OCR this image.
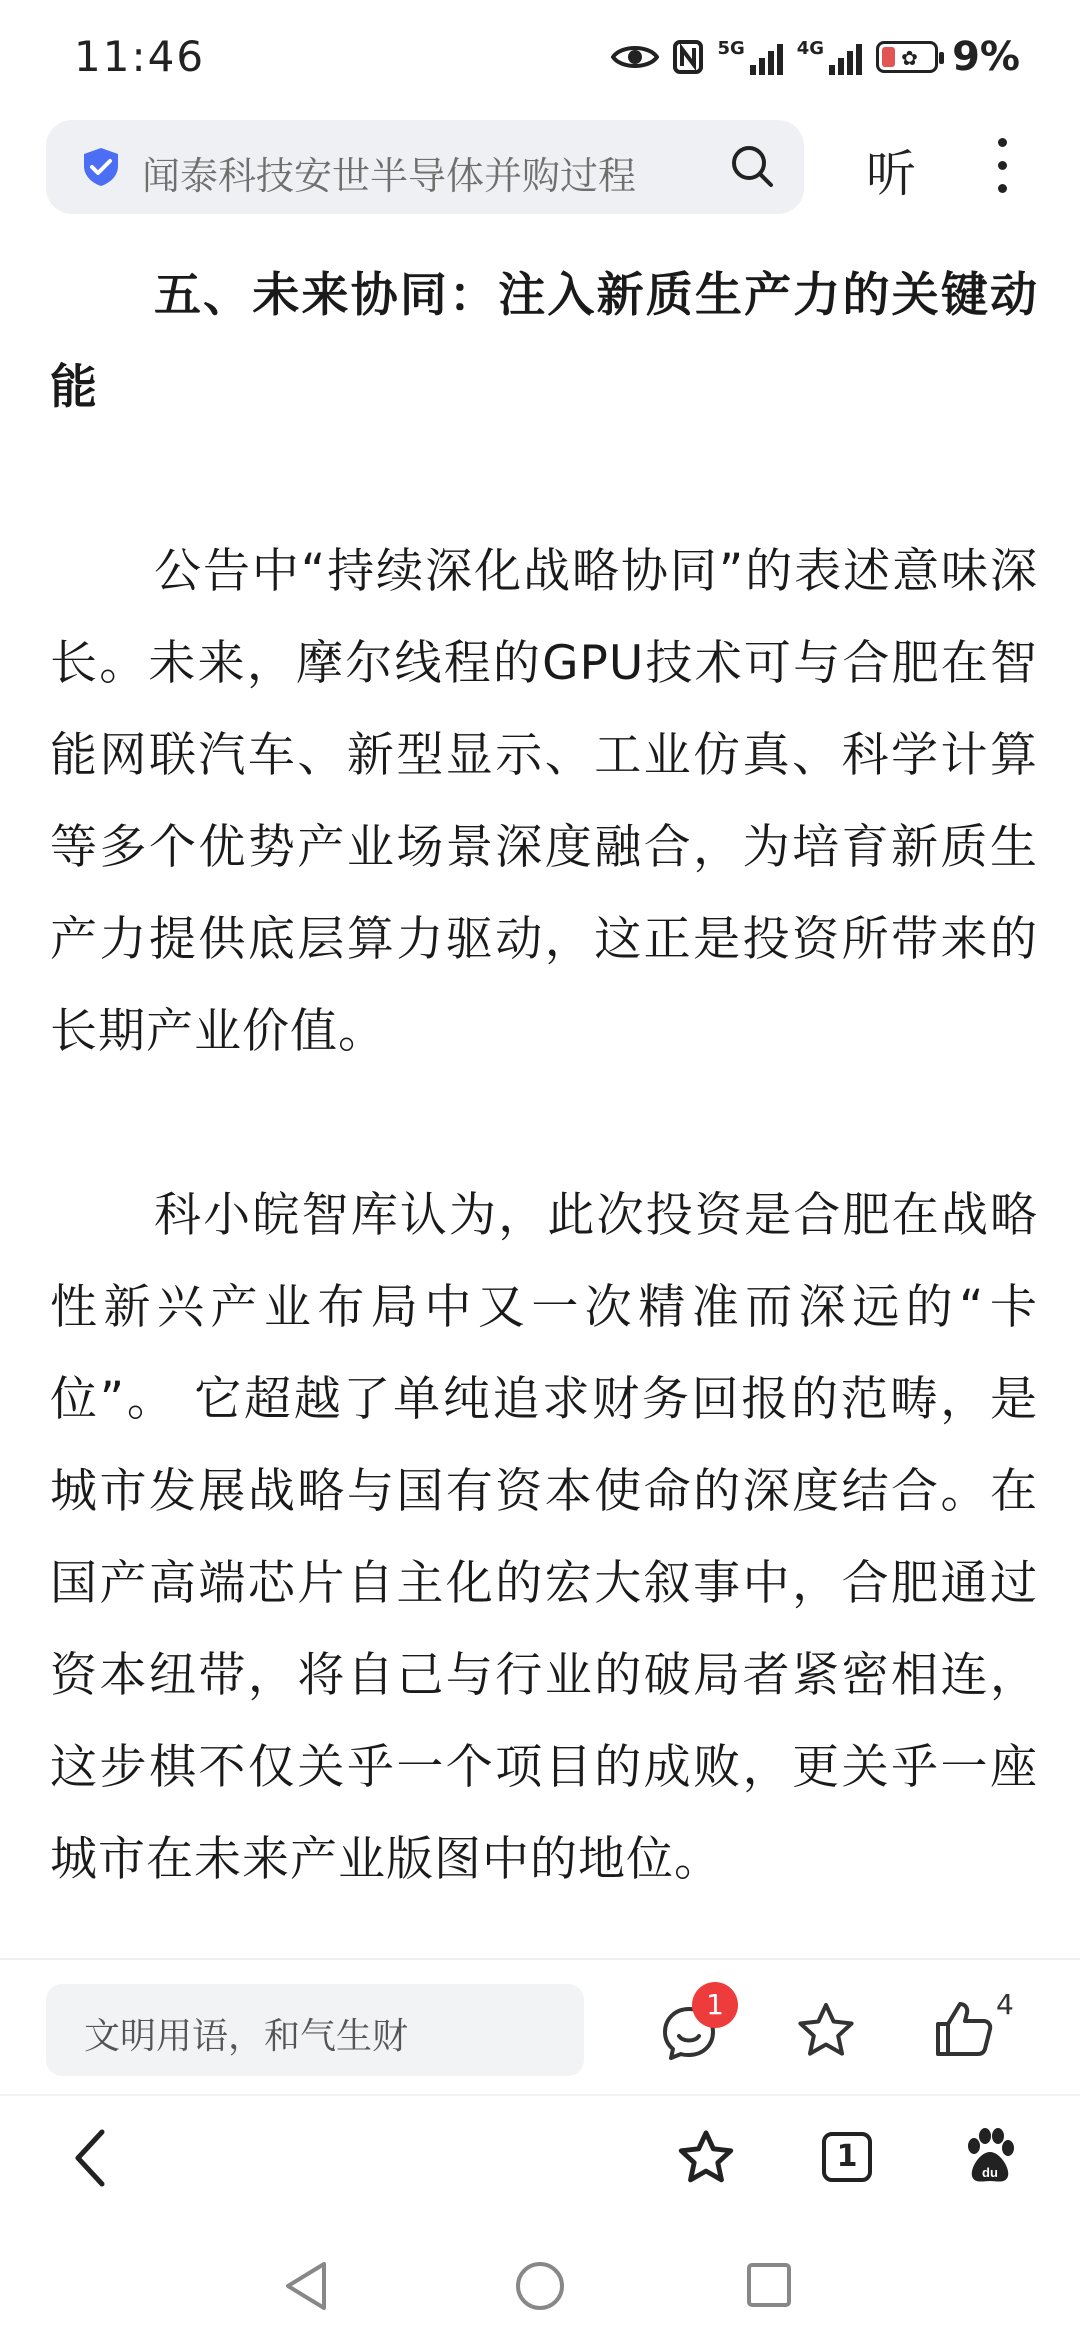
11:46	5G	4G	✿ 9%
闻泰科技安世半导体并购过程	听
五、未来协同：注入新质生产力的关键动能

公告中“持续深化战略协同”的表述意味深长。未来，摩尔线程的GPU技术可与合肥在智能网联汽车、新型显示、工业仿真、科学计算等多个优势产业场景深度融合，为培育新质生产力提供底层算力驱动，这正是投资所带来的长期产业价值。

科小皖智库认为，此次投资是合肥在战略性新兴产业布局中又一次精准而深远的“卡位”。 它超越了单纯追求财务回报的范畴，是城市发展战略与国有资本使命的深度结合。在国产高端芯片自主化的宏大叙事中，合肥通过资本纽带，将自己与行业的破局者紧密相连，这步棋不仅关乎一个项目的成败，更关乎一座城市在未来产业版图中的地位。

文明用语，和气生财
1	4
1	du
